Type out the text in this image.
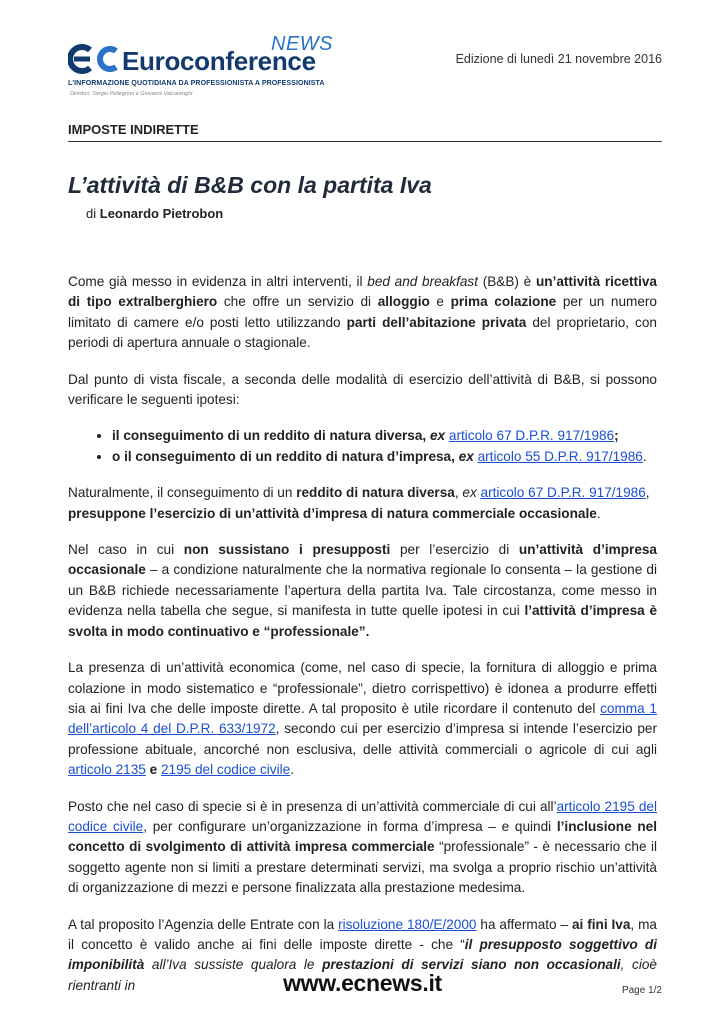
NEWS
Euroconference
L'INFORMAZIONE QUOTIDIANA DA PROFESSIONISTA A PROFESSIONISTA
Direttori: Sergio Pellegrino e Giovanni Valcarenghi
Edizione di lunedì 21 novembre 2016
IMPOSTE INDIRETTE
L’attività di B&B con la partita Iva
di Leonardo Pietrobon

Come già messo in evidenza in altri interventi, il bed and breakfast (B&B) è un’attività ricettiva di tipo extralberghiero che offre un servizio di alloggio e prima colazione per un numero limitato di camere e/o posti letto utilizzando parti dell’abitazione privata del proprietario, con periodi di apertura annuale o stagionale.

Dal punto di vista fiscale, a seconda delle modalità di esercizio dell’attività di B&B, si possono verificare le seguenti ipotesi:

• il conseguimento di un reddito di natura diversa, ex articolo 67 D.P.R. 917/1986;
• o il conseguimento di un reddito di natura d’impresa, ex articolo 55 D.P.R. 917/1986.

Naturalmente, il conseguimento di un reddito di natura diversa, ex articolo 67 D.P.R. 917/1986,
presuppone l’esercizio di un’attività d’impresa di natura commerciale occasionale.

Nel caso in cui non sussistano i presupposti per l’esercizio di un’attività d’impresa occasionale – a condizione naturalmente che la normativa regionale lo consenta – la gestione di un B&B richiede necessariamente l’apertura della partita Iva. Tale circostanza, come messo in evidenza nella tabella che segue, si manifesta in tutte quelle ipotesi in cui l’attività d’impresa è svolta in modo continuativo e “professionale”.

La presenza di un’attività economica (come, nel caso di specie, la fornitura di alloggio e prima colazione in modo sistematico e “professionale”, dietro corrispettivo) è idonea a produrre effetti sia ai fini Iva che delle imposte dirette. A tal proposito è utile ricordare il contenuto del comma 1 dell’articolo 4 del D.P.R. 633/1972, secondo cui per esercizio d’impresa si intende l’esercizio per professione abituale, ancorché non esclusiva, delle attività commerciali o agricole di cui agli articolo 2135 e 2195 del codice civile.

Posto che nel caso di specie si è in presenza di un’attività commerciale di cui all’articolo 2195 del codice civile, per configurare un’organizzazione in forma d’impresa – e quindi l’inclusione nel concetto di svolgimento di attività impresa commerciale “professionale” - è necessario che il soggetto agente non si limiti a prestare determinati servizi, ma svolga a proprio rischio un’attività di organizzazione di mezzi e persone finalizzata alla prestazione medesima.

A tal proposito l’Agenzia delle Entrate con la risoluzione 180/E/2000 ha affermato – ai fini Iva, ma il concetto è valido anche ai fini delle imposte dirette - che “il presupposto soggettivo di imponibilità all’Iva sussiste qualora le prestazioni di servizi siano non occasionali, cioè rientranti in	www.ecnews.it	Page 1/2
